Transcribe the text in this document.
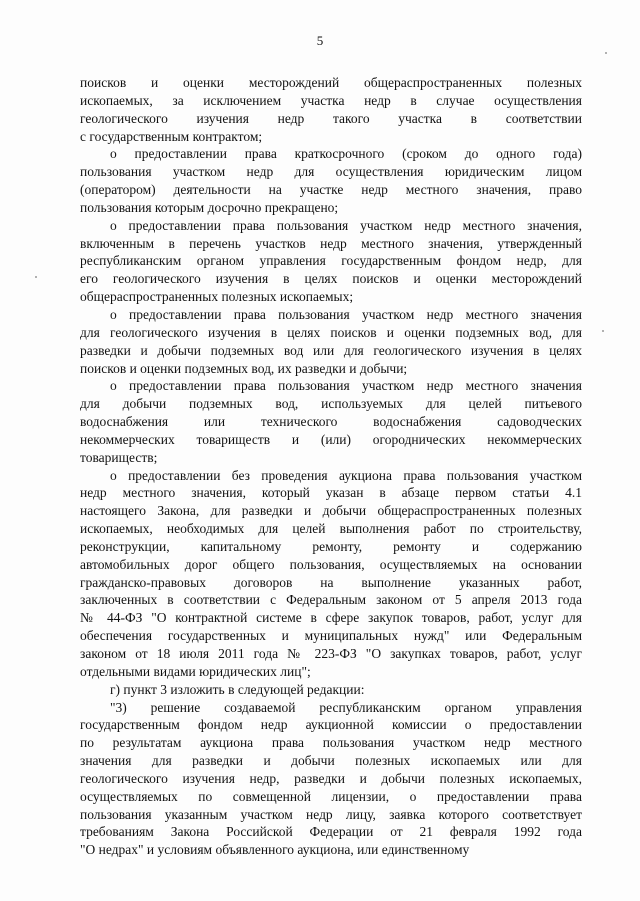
5
поисков и оценки месторождений общераспространенных полезных
ископаемых, за исключением участка недр в случае осуществления
геологического изучения недр такого участка в соответствии
с государственным контрактом;
о предоставлении права краткосрочного (сроком до одного года)
пользования участком недр для осуществления юридическим лицом
(оператором) деятельности на участке недр местного значения, право
пользования которым досрочно прекращено;
о предоставлении права пользования участком недр местного значения,
включенным в перечень участков недр местного значения, утвержденный
республиканским органом управления государственным фондом недр, для
его геологического изучения в целях поисков и оценки месторождений
общераспространенных полезных ископаемых;
о предоставлении права пользования участком недр местного значения
для геологического изучения в целях поисков и оценки подземных вод, для
разведки и добычи подземных вод или для геологического изучения в целях
поисков и оценки подземных вод, их разведки и добычи;
о предоставлении права пользования участком недр местного значения
для добычи подземных вод, используемых для целей питьевого
водоснабжения или технического водоснабжения садоводческих
некоммерческих товариществ и (или) огороднических некоммерческих
товариществ;
о предоставлении без проведения аукциона права пользования участком
недр местного значения, который указан в абзаце первом статьи 4.1
настоящего Закона, для разведки и добычи общераспространенных полезных
ископаемых, необходимых для целей выполнения работ по строительству,
реконструкции, капитальному ремонту, ремонту и содержанию
автомобильных дорог общего пользования, осуществляемых на основании
гражданско-правовых договоров на выполнение указанных работ,
заключенных в соответствии с Федеральным законом от 5 апреля 2013 года
№ 44-ФЗ "О контрактной системе в сфере закупок товаров, работ, услуг для
обеспечения государственных и муниципальных нужд" или Федеральным
законом от 18 июля 2011 года № 223-ФЗ "О закупках товаров, работ, услуг
отдельными видами юридических лиц";
г) пункт 3 изложить в следующей редакции:
"3) решение создаваемой республиканским органом управления
государственным фондом недр аукционной комиссии о предоставлении
по результатам аукциона права пользования участком недр местного
значения для разведки и добычи полезных ископаемых или для
геологического изучения недр, разведки и добычи полезных ископаемых,
осуществляемых по совмещенной лицензии, о предоставлении права
пользования указанным участком недр лицу, заявка которого соответствует
требованиям Закона Российской Федерации от 21 февраля 1992 года
"О недрах" и условиям объявленного аукциона, или единственному
